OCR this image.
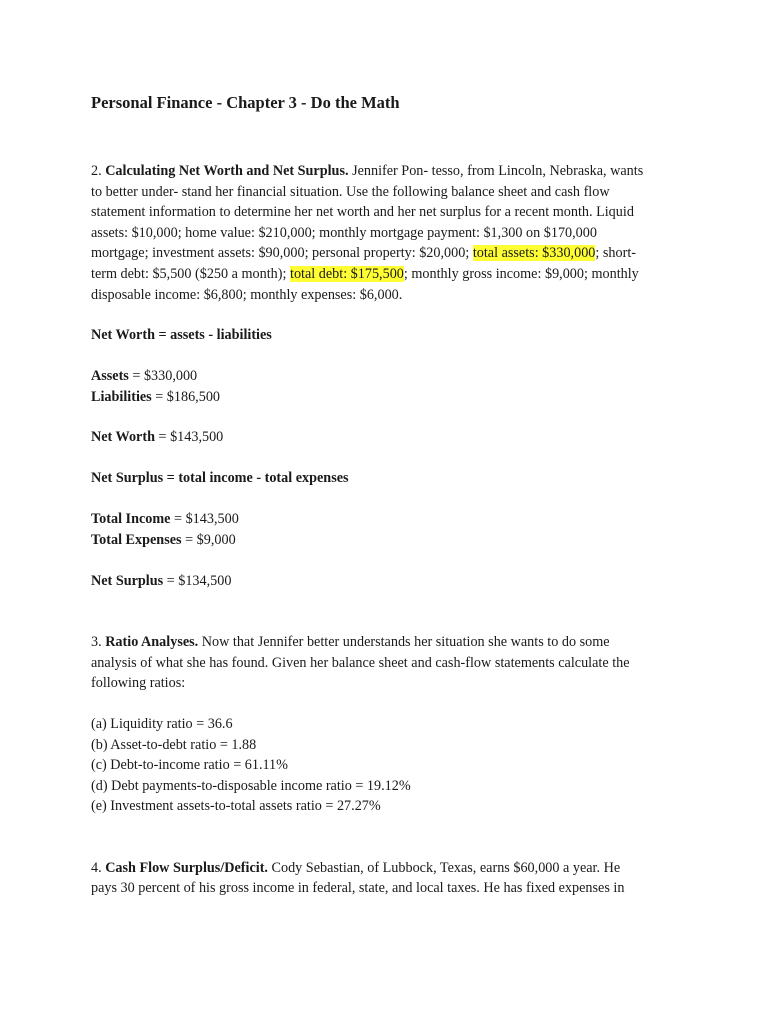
Personal Finance - Chapter 3 - Do the Math
2. Calculating Net Worth and Net Surplus. Jennifer Pon- tesso, from Lincoln, Nebraska, wants
to better under- stand her financial situation. Use the following balance sheet and cash flow
statement information to determine her net worth and her net surplus for a recent month. Liquid
assets: $10,000; home value: $210,000; monthly mortgage payment: $1,300 on $170,000
mortgage; investment assets: $90,000; personal property: $20,000; total assets: $330,000; short-
term debt: $5,500 ($250 a month); total debt: $175,500; monthly gross income: $9,000; monthly
disposable income: $6,800; monthly expenses: $6,000.
Net Worth = assets - liabilities
Assets = $330,000
Liabilities = $186,500
Net Worth = $143,500
Net Surplus = total income - total expenses
Total Income = $143,500
Total Expenses = $9,000
Net Surplus = $134,500
3. Ratio Analyses. Now that Jennifer better understands her situation she wants to do some
analysis of what she has found. Given her balance sheet and cash-flow statements calculate the
following ratios:
(a) Liquidity ratio = 36.6
(b) Asset-to-debt ratio = 1.88
(c) Debt-to-income ratio = 61.11%
(d) Debt payments-to-disposable income ratio = 19.12%
(e) Investment assets-to-total assets ratio = 27.27%
4. Cash Flow Surplus/Deficit. Cody Sebastian, of Lubbock, Texas, earns $60,000 a year. He
pays 30 percent of his gross income in federal, state, and local taxes. He has fixed expenses in
